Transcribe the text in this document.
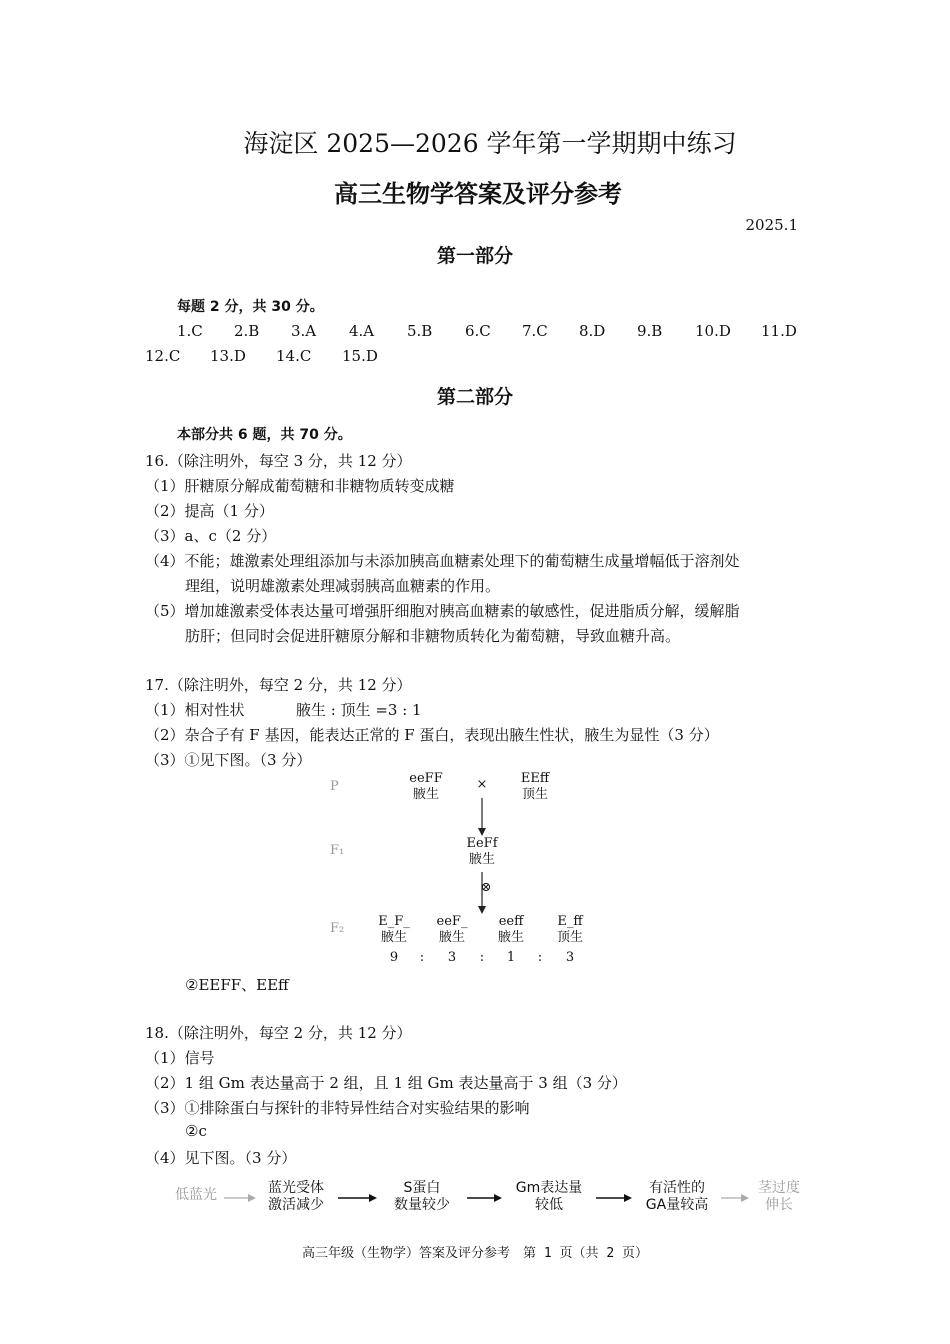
海淀区 2025—2026 学年第一学期期中练习
高三生物学答案及评分参考
2025.1
第一部分
每题 2 分，共 30 分。
1.C 2.B 3.A 4.A 5.B 6.C 7.C 8.D 9.B 10.D 11.D
12.C 13.D 14.C 15.D
第二部分
本部分共 6 题，共 70 分。
16.（除注明外，每空 3 分，共 12 分）
（1）肝糖原分解成葡萄糖和非糖物质转变成糖
（2）提高（1 分）
（3）a、c（2 分）
（4）不能；雄激素处理组添加与未添加胰高血糖素处理下的葡萄糖生成量增幅低于溶剂处
理组，说明雄激素处理减弱胰高血糖素的作用。
（5）增加雄激素受体表达量可增强肝细胞对胰高血糖素的敏感性，促进脂质分解，缓解脂
肪肝；但同时会促进肝糖原分解和非糖物质转化为葡萄糖，导致血糖升高。
17.（除注明外，每空 2 分，共 12 分）
（1）相对性状	腋生 : 顶生 =3 : 1
（2）杂合子有 F 基因，能表达正常的 F 蛋白，表现出腋生性状，腋生为显性（3 分）
（3）①见下图。（3 分）
P
F₁
F₂
eeFF
腋生
×	EEff
顶生
EeFf
腋生
⊗
E_F_
腋生
eeF_
腋生
eeff
腋生
E_ff
顶生
9	:	3	:	1	:	3
②EEFF、EEff
18.（除注明外，每空 2 分，共 12 分）
（1）信号
（2）1 组 Gm 表达量高于 2 组，且 1 组 Gm 表达量高于 3 组（3 分）
（3）①排除蛋白与探针的非特异性结合对实验结果的影响
②c
（4）见下图。（3 分）
低蓝光	蓝光受体
激活减少
S蛋白
数量较少
Gm表达量
较低
有活性的
GA量较高
茎过度
伸长
高三年级（生物学）答案及评分参考　第 1 页（共 2 页）
